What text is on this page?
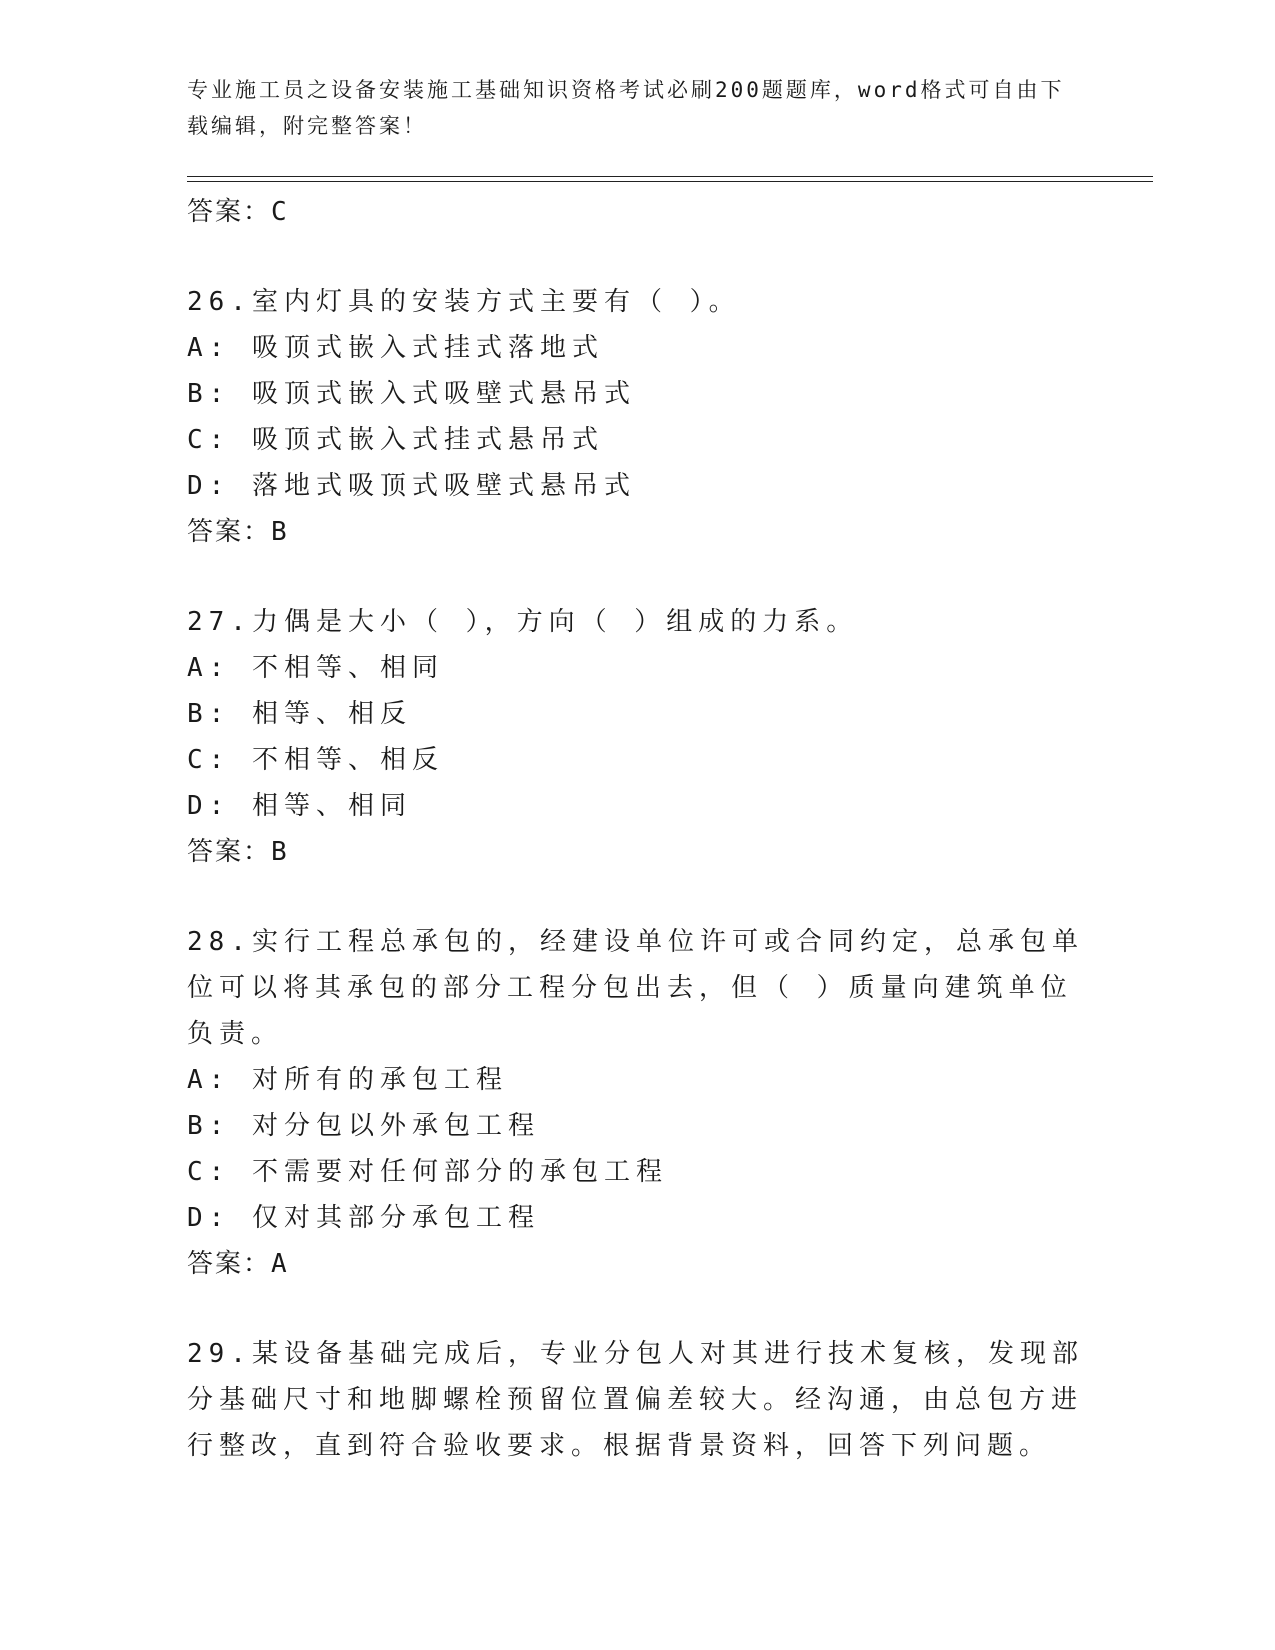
专业施工员之设备安装施工基础知识资格考试必刷200题题库，word格式可自由下载编辑，附完整答案！

答案：C

26.室内灯具的安装方式主要有（ ）。

A: 吸顶式嵌入式挂式落地式

B: 吸顶式嵌入式吸壁式悬吊式

C: 吸顶式嵌入式挂式悬吊式

D: 落地式吸顶式吸壁式悬吊式

答案：B

27.力偶是大小（ ），方向（ ）组成的力系。

A: 不相等、相同

B: 相等、相反

C: 不相等、相反

D: 相等、相同

答案：B

28.实行工程总承包的，经建设单位许可或合同约定，总承包单位可以将其承包的部分工程分包出去，但（ ）质量向建筑单位负责。

A: 对所有的承包工程

B: 对分包以外承包工程

C: 不需要对任何部分的承包工程

D: 仅对其部分承包工程

答案：A

29.某设备基础完成后，专业分包人对其进行技术复核，发现部分基础尺寸和地脚螺栓预留位置偏差较大。经沟通，由总包方进行整改，直到符合验收要求。根据背景资料，回答下列问题。
